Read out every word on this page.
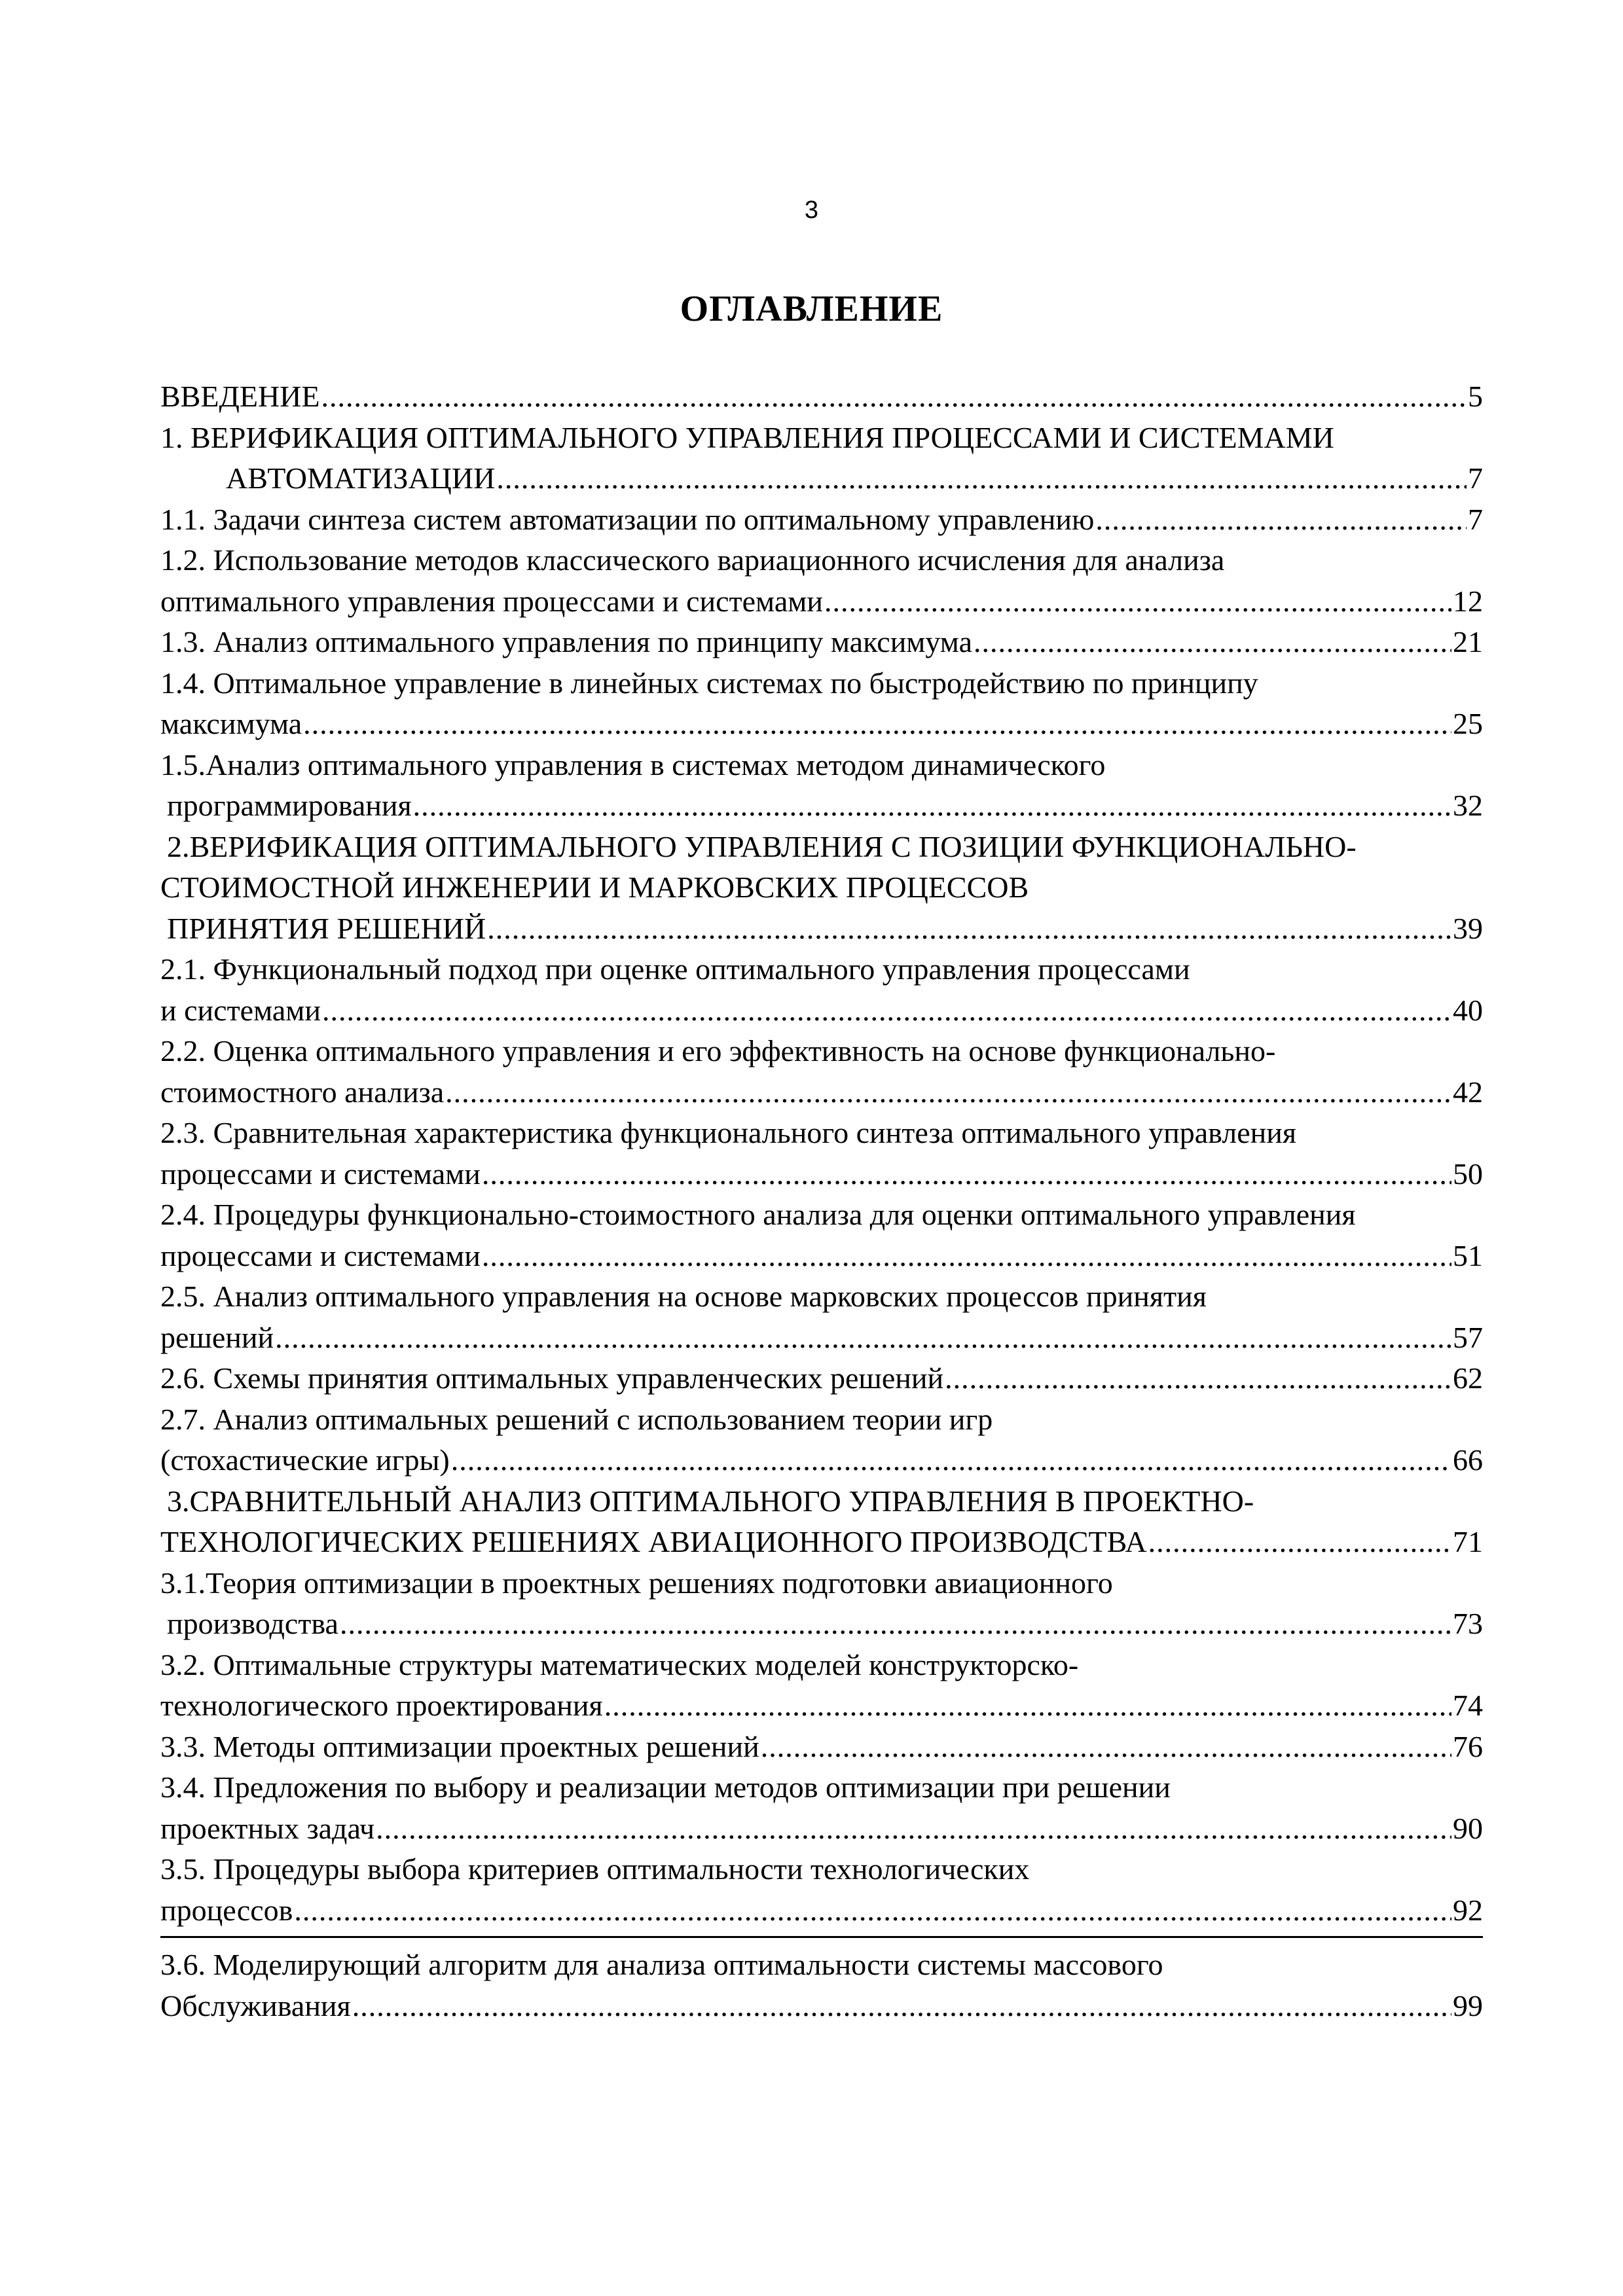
3
ОГЛАВЛЕНИЕ
ВВЕДЕНИЕ .....	5
1. ВЕРИФИКАЦИЯ ОПТИМАЛЬНОГО УПРАВЛЕНИЯ ПРОЦЕССАМИ И СИСТЕМАМИ
АВТОМАТИЗАЦИИ .....	7
1.1. Задачи синтеза систем автоматизации по оптимальному управлению .....	7
1.2. Использование методов классического вариационного исчисления для анализа
оптимального управления процессами и системами .....	12
1.3. Анализ оптимального управления по принципу максимума .....	21
1.4. Оптимальное управление в линейных системах по быстродействию по принципу
максимума .....	25
1.5.Анализ оптимального управления в системах методом динамического
программирования .....	32
2.ВЕРИФИКАЦИЯ ОПТИМАЛЬНОГО УПРАВЛЕНИЯ С ПОЗИЦИИ ФУНКЦИОНАЛЬНО-
СТОИМОСТНОЙ ИНЖЕНЕРИИ И МАРКОВСКИХ ПРОЦЕССОВ
ПРИНЯТИЯ РЕШЕНИЙ .....	39
2.1. Функциональный подход при оценке оптимального управления процессами
и системами .....	40
2.2. Оценка оптимального управления и его эффективность на основе функционально-
стоимостного анализа .....	42
2.3. Сравнительная характеристика функционального синтеза оптимального управления
процессами и системами .....	50
2.4. Процедуры функционально-стоимостного анализа для оценки оптимального управления
процессами и системами .....	51
2.5. Анализ оптимального управления на основе марковских процессов принятия
решений .....	57
2.6. Схемы принятия оптимальных управленческих решений .....	62
2.7. Анализ оптимальных решений с использованием теории игр
(стохастические игры) .....	66
3.СРАВНИТЕЛЬНЫЙ АНАЛИЗ ОПТИМАЛЬНОГО УПРАВЛЕНИЯ В ПРОЕКТНО-
ТЕХНОЛОГИЧЕСКИХ РЕШЕНИЯХ АВИАЦИОННОГО ПРОИЗВОДСТВА .....	71
3.1.Теория оптимизации в проектных решениях подготовки авиационного
производства .....	73
3.2. Оптимальные структуры математических моделей конструкторско-
технологического проектирования .....	74
3.3. Методы оптимизации проектных решений .....	76
3.4. Предложения по выбору и реализации методов оптимизации при решении
проектных задач .....	90
3.5. Процедуры выбора критериев оптимальности технологических
процессов .....	92
3.6. Моделирующий алгоритм для анализа оптимальности системы массового
Обслуживания .....	99
